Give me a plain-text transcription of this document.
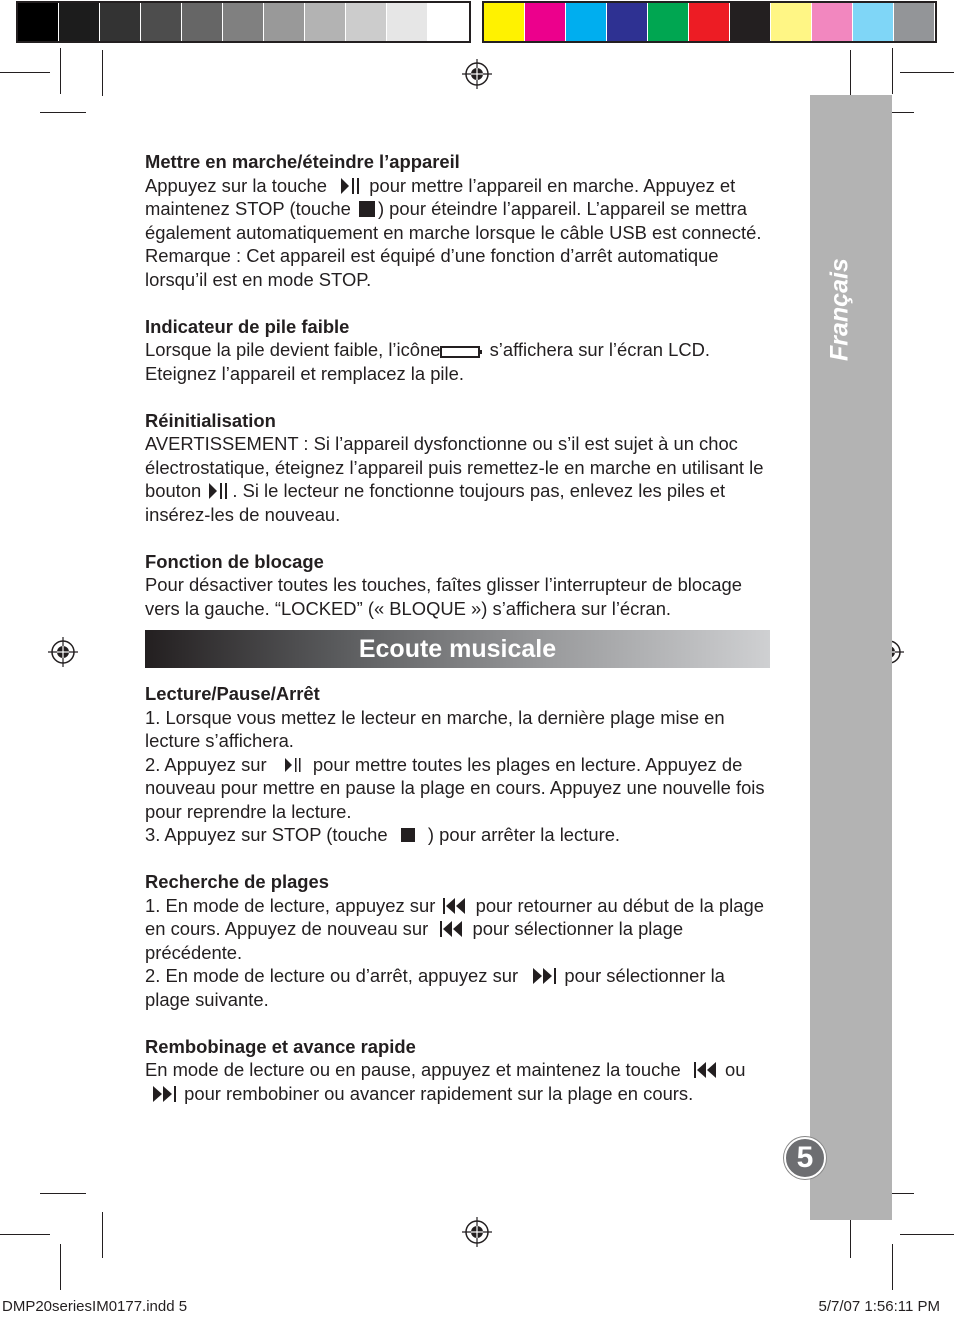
Français
5
Mettre en marche/éteindre l’appareil

Appuyez sur la touche pour mettre l’appareil en marche. Appuyez et maintenez STOP (touche ) pour éteindre l’appareil. L’appareil se mettra également automatiquement en marche lorsque le câble USB est connecté.

Remarque : Cet appareil est équipé d’une fonction d’arrêt automatique lorsqu’il est en mode STOP.

Indicateur de pile faible

Lorsque la pile devient faible, l’icône	s’affichera sur l’écran LCD. Eteignez l’appareil et remplacez la pile.

Réinitialisation

AVERTISSEMENT : Si l’appareil dysfonctionne ou s’il est sujet à un choc électrostatique, éteignez l’appareil puis remettez-le en marche en utilisant le bouton . Si le lecteur ne fonctionne toujours pas, enlevez les piles et insérez-les de nouveau.

Fonction de blocage

Pour désactiver toutes les touches, faîtes glisser l’interrupteur de blocage vers la gauche. “LOCKED” (« BLOQUE ») s’affichera sur l’écran.

Ecoute musicale
Lecture/Pause/Arrêt

1. Lorsque vous mettez le lecteur en marche, la dernière plage mise en lecture s’affichera.

2. Appuyez sur	pour mettre toutes les plages en lecture. Appuyez de nouveau pour mettre en pause la plage en cours. Appuyez une nouvelle fois pour reprendre la lecture.

3. Appuyez sur STOP (touche ) pour arrêter la lecture.

Recherche de plages

1. En mode de lecture, appuyez sur pour retourner au début de la plage en cours. Appuyez de nouveau sur pour sélectionner la plage précédente.

2. En mode de lecture ou d’arrêt, appuyez sur	pour sélectionner la plage suivante.

Rembobinage et avance rapide

En mode de lecture ou en pause, appuyez et maintenez la touche ou  pour rembobiner ou avancer rapidement sur la plage en cours.

DMP20seriesIM0177.indd 5	5/7/07 1:56:11 PM
